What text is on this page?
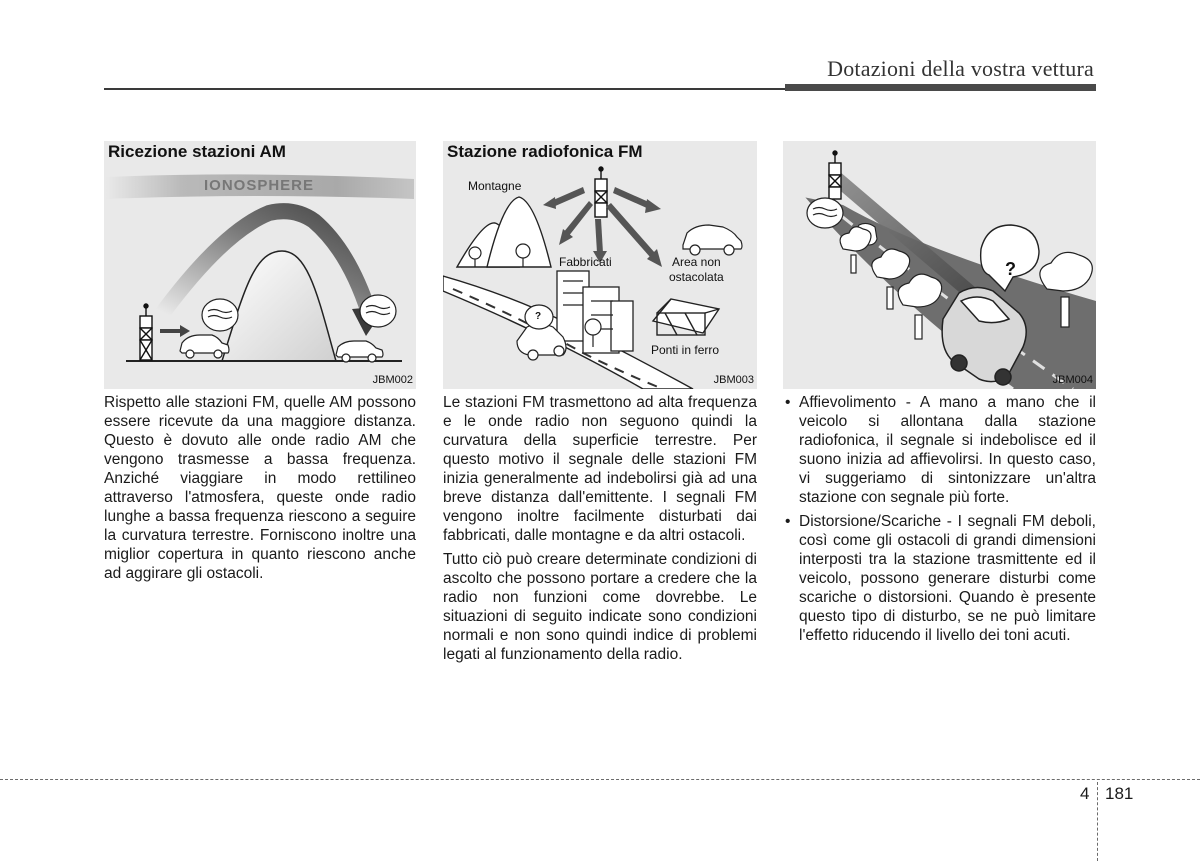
Dotazioni della vostra vettura
Ricezione stazioni AM
IONOSPHERE
JBM002
Stazione radiofonica FM
Montagne
Fabbricati	Area non
ostacolata
Ponti in ferro
?
JBM003
?
JBM004

Rispetto alle stazioni FM, quelle AM possono essere ricevute da una maggiore distanza. Questo è dovuto alle onde radio AM che vengono trasmesse a bassa frequenza. Anziché viaggiare in modo rettilineo attraverso l'atmosfera, queste onde radio lunghe a bassa frequenza riescono a seguire la curvatura terrestre. Forniscono inoltre una miglior copertura in quanto riescono anche ad aggirare gli ostacoli.

Le stazioni FM trasmettono ad alta frequenza e le onde radio non seguono quindi la curvatura della superficie terrestre. Per questo motivo il segnale delle stazioni FM inizia generalmente ad indebolirsi già ad una breve distanza dall'emittente. I segnali FM vengono inoltre facilmente disturbati dai fabbricati, dalle montagne e da altri ostacoli.

Tutto ciò può creare determinate condizioni di ascolto che possono portare a credere che la radio non funzioni come dovrebbe. Le situazioni di seguito indicate sono condizioni normali e non sono quindi indice di problemi legati al funzionamento della radio.

• Affievolimento - A mano a mano che il veicolo si allontana dalla stazione radiofonica, il segnale si indebolisce ed il suono inizia ad affievolirsi. In questo caso, vi suggeriamo di sintonizzare un'altra stazione con segnale più forte.
• Distorsione/Scariche - I segnali FM deboli, così come gli ostacoli di grandi dimensioni interposti tra la stazione trasmittente ed il veicolo, possono generare disturbi come scariche o distorsioni. Quando è presente questo tipo di disturbo, se ne può limitare l'effetto riducendo il livello dei toni acuti.
4 181
